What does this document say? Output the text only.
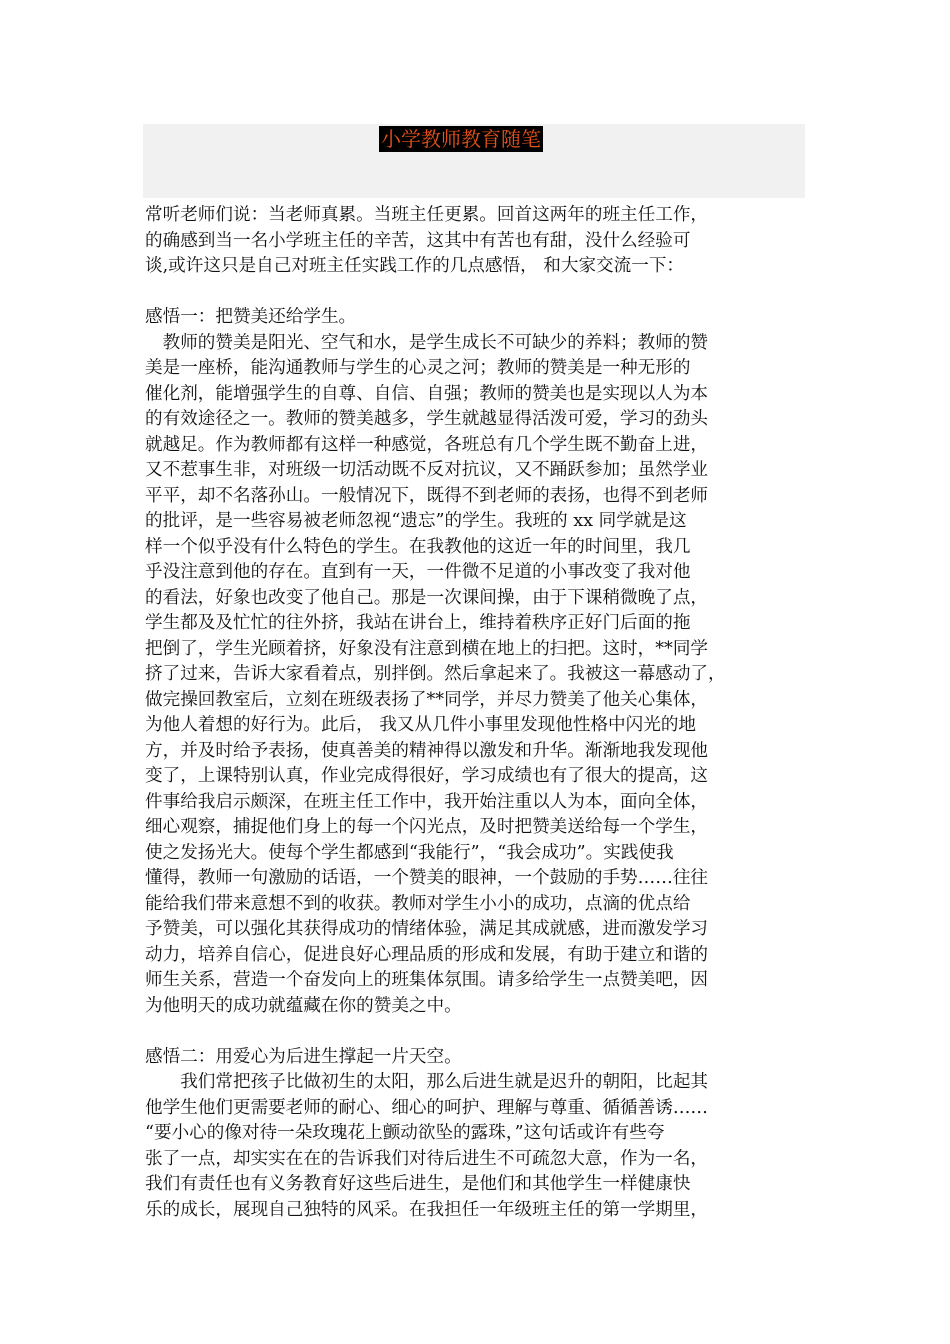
小学教师教育随笔
常听老师们说：当老师真累。当班主任更累。回首这两年的班主任工作，
的确感到当一名小学班主任的辛苦，这其中有苦也有甜，没什么经验可
谈,或许这只是自己对班主任实践工作的几点感悟， 和大家交流一下：
感悟一：把赞美还给学生。
　教师的赞美是阳光、空气和水，是学生成长不可缺少的养料；教师的赞
美是一座桥，能沟通教师与学生的心灵之河；教师的赞美是一种无形的
催化剂，能增强学生的自尊、自信、自强；教师的赞美也是实现以人为本
的有效途径之一。教师的赞美越多，学生就越显得活泼可爱，学习的劲头
就越足。作为教师都有这样一种感觉，各班总有几个学生既不勤奋上进，
又不惹事生非，对班级一切活动既不反对抗议，又不踊跃参加；虽然学业
平平，却不名落孙山。一般情况下，既得不到老师的表扬，也得不到老师
的批评，是一些容易被老师忽视“遗忘”的学生。我班的 xx 同学就是这
样一个似乎没有什么特色的学生。在我教他的这近一年的时间里，我几
乎没注意到他的存在。直到有一天，一件微不足道的小事改变了我对他
的看法，好象也改变了他自己。那是一次课间操，由于下课稍微晚了点，
学生都及及忙忙的往外挤，我站在讲台上，维持着秩序正好门后面的拖
把倒了，学生光顾着挤，好象没有注意到横在地上的扫把。这时，**同学
挤了过来，告诉大家看着点，别拌倒。然后拿起来了。我被这一幕感动了，
做完操回教室后，立刻在班级表扬了**同学，并尽力赞美了他关心集体，
为他人着想的好行为。此后， 我又从几件小事里发现他性格中闪光的地
方，并及时给予表扬，使真善美的精神得以激发和升华。渐渐地我发现他
变了，上课特别认真，作业完成得很好，学习成绩也有了很大的提高，这
件事给我启示颇深，在班主任工作中，我开始注重以人为本，面向全体，
细心观察，捕捉他们身上的每一个闪光点，及时把赞美送给每一个学生，
使之发扬光大。使每个学生都感到“我能行”，“我会成功”。实践使我
懂得，教师一句激励的话语，一个赞美的眼神，一个鼓励的手势……往往
能给我们带来意想不到的收获。教师对学生小小的成功，点滴的优点给
予赞美，可以强化其获得成功的情绪体验，满足其成就感，进而激发学习
动力，培养自信心，促进良好心理品质的形成和发展，有助于建立和谐的
师生关系，营造一个奋发向上的班集体氛围。请多给学生一点赞美吧，因
为他明天的成功就蕴藏在你的赞美之中。
感悟二：用爱心为后进生撑起一片天空。
　　我们常把孩子比做初生的太阳，那么后进生就是迟升的朝阳，比起其
他学生他们更需要老师的耐心、细心的呵护、理解与尊重、循循善诱……
“要小心的像对待一朵玫瑰花上颤动欲坠的露珠，”这句话或许有些夸
张了一点，却实实在在的告诉我们对待后进生不可疏忽大意，作为一名，
我们有责任也有义务教育好这些后进生，是他们和其他学生一样健康快
乐的成长，展现自己独特的风采。在我担任一年级班主任的第一学期里，
